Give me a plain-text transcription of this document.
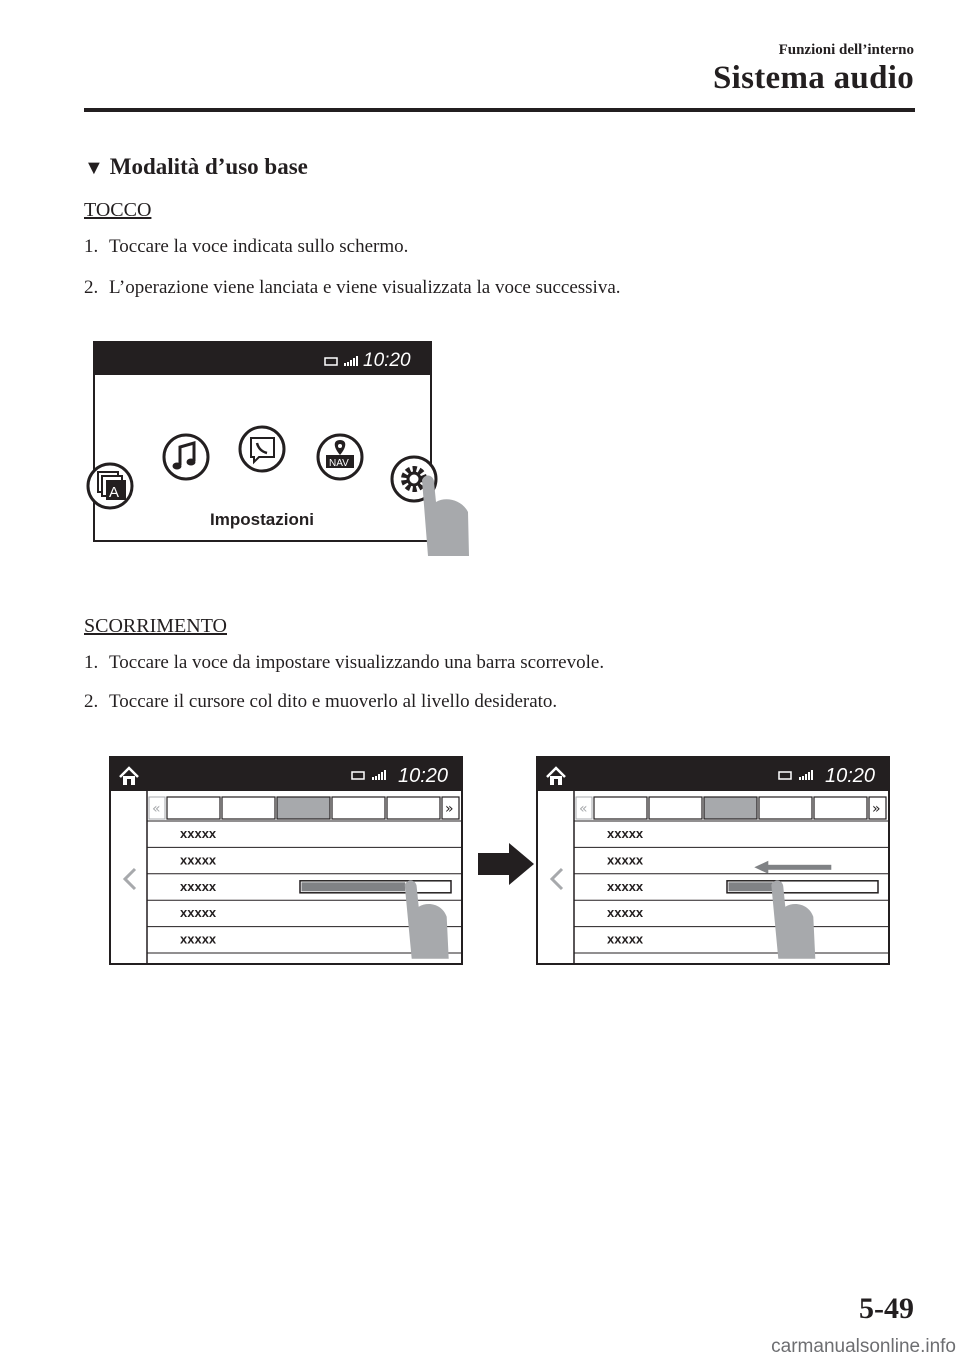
Funzioni dell’interno
Sistema audio
▼ Modalità d’uso base
TOCCO
1. Toccare la voce indicata sullo schermo.
2. L’operazione viene lanciata e viene visualizzata la voce successiva.
10:20
A
NAV
Impostazioni
SCORRIMENTO
1. Toccare la voce da impostare visualizzando una barra scorrevole.
2. Toccare il cursore col dito e muoverlo al livello desiderato.
10:20
«	»
xxxxx
xxxxx
xxxxx
xxxxx
xxxxx
10:20
«	»
xxxxx
xxxxx
xxxxx
xxxxx
xxxxx
5-49
carmanualsonline.info
